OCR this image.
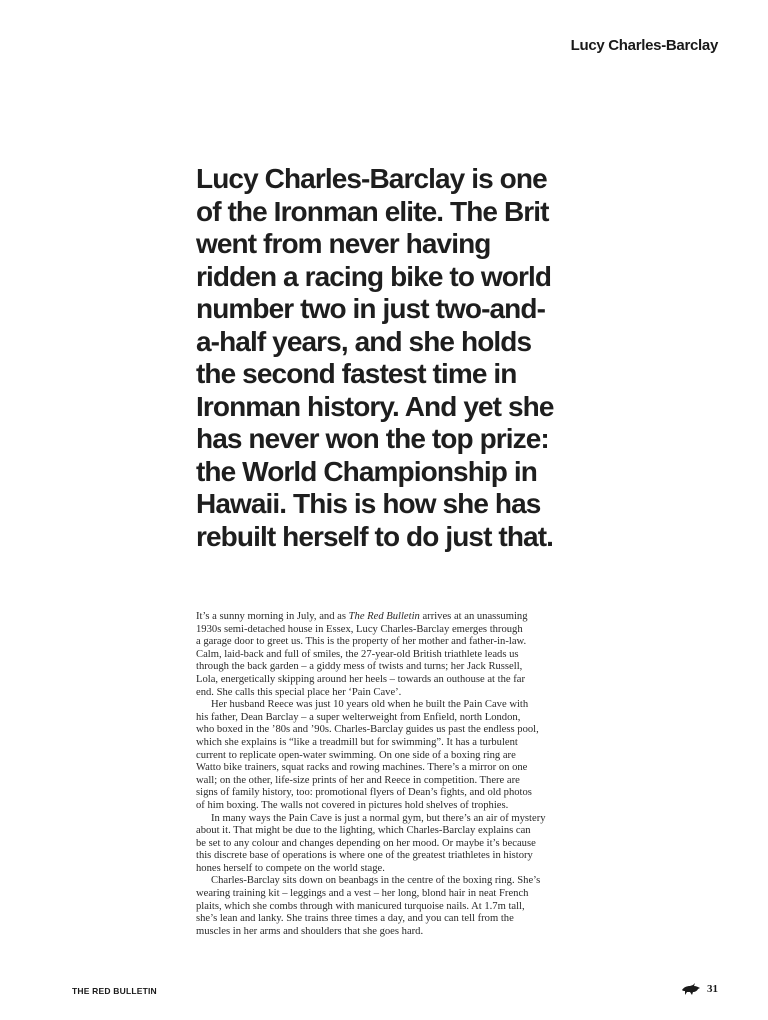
Lucy Charles-Barclay
Lucy Charles-Barclay is one
of the Ironman elite. The Brit
went from never having
ridden a racing bike to world
number two in just two-and-
a-half years, and she holds
the second fastest time in
Ironman history. And yet she
has never won the top prize:
the World Championship in
Hawaii. This is how she has
rebuilt herself to do just that.
It’s a sunny morning in July, and as The Red Bulletin arrives at an unassuming
1930s semi-detached house in Essex, Lucy Charles-Barclay emerges through
a garage door to greet us. This is the property of her mother and father-in-law.
Calm, laid-back and full of smiles, the 27-year-old British triathlete leads us
through the back garden – a giddy mess of twists and turns; her Jack Russell,
Lola, energetically skipping around her heels – towards an outhouse at the far
end. She calls this special place her ‘Pain Cave’.
Her husband Reece was just 10 years old when he built the Pain Cave with
his father, Dean Barclay – a super welterweight from Enfield, north London,
who boxed in the ’80s and ’90s. Charles-Barclay guides us past the endless pool,
which she explains is “like a treadmill but for swimming”. It has a turbulent
current to replicate open-water swimming. On one side of a boxing ring are
Watto bike trainers, squat racks and rowing machines. There’s a mirror on one
wall; on the other, life-size prints of her and Reece in competition. There are
signs of family history, too: promotional flyers of Dean’s fights, and old photos
of him boxing. The walls not covered in pictures hold shelves of trophies.
In many ways the Pain Cave is just a normal gym, but there’s an air of mystery
about it. That might be due to the lighting, which Charles-Barclay explains can
be set to any colour and changes depending on her mood. Or maybe it’s because
this discrete base of operations is where one of the greatest triathletes in history
hones herself to compete on the world stage.
Charles-Barclay sits down on beanbags in the centre of the boxing ring. She’s
wearing training kit – leggings and a vest – her long, blond hair in neat French
plaits, which she combs through with manicured turquoise nails. At 1.7m tall,
she’s lean and lanky. She trains three times a day, and you can tell from the
muscles in her arms and shoulders that she goes hard.
THE RED BULLETIN	31
